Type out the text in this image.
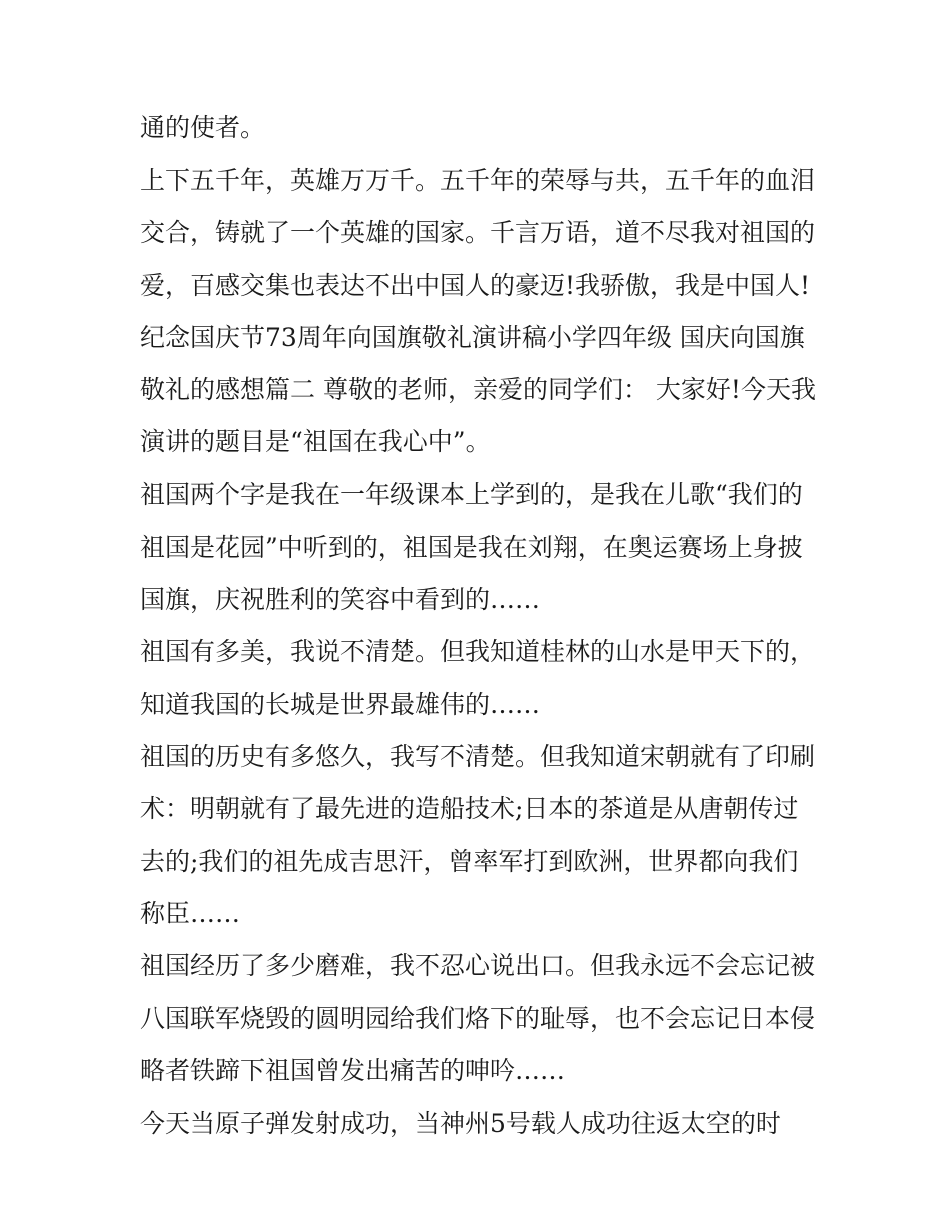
通的使者。
上下五千年，英雄万万千。五千年的荣辱与共，五千年的血泪
交合，铸就了一个英雄的国家。千言万语，道不尽我对祖国的
爱，百感交集也表达不出中国人的豪迈!我骄傲，我是中国人!
纪念国庆节73周年向国旗敬礼演讲稿小学四年级 国庆向国旗
敬礼的感想篇二 尊敬的老师，亲爱的同学们： 大家好!今天我
演讲的题目是“祖国在我心中”。
祖国两个字是我在一年级课本上学到的，是我在儿歌“我们的
祖国是花园”中听到的，祖国是我在刘翔，在奥运赛场上身披
国旗，庆祝胜利的笑容中看到的……
祖国有多美，我说不清楚。但我知道桂林的山水是甲天下的，
知道我国的长城是世界最雄伟的……
祖国的历史有多悠久，我写不清楚。但我知道宋朝就有了印刷
术：明朝就有了最先进的造船技术;日本的茶道是从唐朝传过
去的;我们的祖先成吉思汗，曾率军打到欧洲，世界都向我们
称臣……
祖国经历了多少磨难，我不忍心说出口。但我永远不会忘记被
八国联军烧毁的圆明园给我们烙下的耻辱，也不会忘记日本侵
略者铁蹄下祖国曾发出痛苦的呻吟……
今天当原子弹发射成功，当神州5号载人成功往返太空的时
